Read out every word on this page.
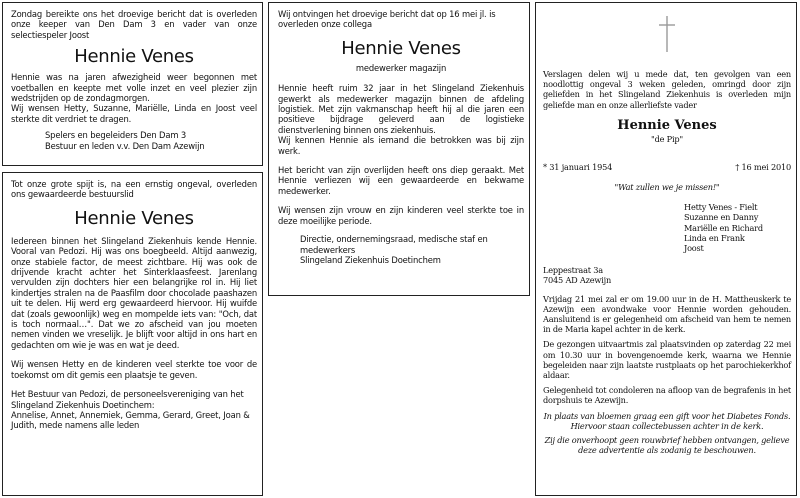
Zondag bereikte ons het droevige bericht dat is overleden onze keeper van Den Dam 3 en vader van onze selectiespeler Joost

Hennie Venes

Hennie was na jaren afwezigheid weer begonnen met voetballen en keepte met volle inzet en veel plezier zijn wedstrijden op de zondagmorgen.
Wij wensen Hetty, Suzanne, Mariëlle, Linda en Joost veel sterkte dit verdriet te dragen.

Spelers en begeleiders Den Dam 3
Bestuur en leden v.v. Den Dam Azewijn

Tot onze grote spijt is, na een ernstig ongeval, overleden ons gewaardeerde bestuurslid

Hennie Venes

Iedereen binnen het Slingeland Ziekenhuis kende Hennie. Vooral van Pedozi. Hij was ons boegbeeld. Altijd aanwezig, onze stabiele factor, de meest zichtbare. Hij was ook de drijvende kracht achter het Sinterklaasfeest. Jarenlang vervulden zijn dochters hier een belangrijke rol in. Hij liet kindertjes stralen na de Paasfilm door chocolade paashazen uit te delen. Hij werd erg gewaardeerd hiervoor. Hij wuifde dat (zoals gewoonlijk) weg en mompelde iets van: "Och, dat is toch normaal…". Dat we zo afscheid van jou moeten nemen vinden we vreselijk. Je blijft voor altijd in ons hart en gedachten om wie je was en wat je deed.

Wij wensen Hetty en de kinderen veel sterkte toe voor de toekomst om dit gemis een plaatsje te geven.

Het Bestuur van Pedozi, de personeelsvereniging van het Slingeland Ziekenhuis Doetinchem:
Annelise, Annet, Annemiek, Gemma, Gerard, Greet, Joan & Judith, mede namens alle leden

Wij ontvingen het droevige bericht dat op 16 mei jl. is overleden onze collega

Hennie Venes

medewerker magazijn

Hennie heeft ruim 32 jaar in het Slingeland Ziekenhuis gewerkt als medewerker magazijn binnen de afdeling logistiek. Met zijn vakmanschap heeft hij al die jaren een positieve bijdrage geleverd aan de logistieke dienstverlening binnen ons ziekenhuis.
Wij kennen Hennie als iemand die betrokken was bij zijn werk.

Het bericht van zijn overlijden heeft ons diep geraakt. Met Hennie verliezen wij een gewaardeerde en bekwame medewerker.

Wij wensen zijn vrouw en zijn kinderen veel sterkte toe in deze moeilijke periode.

Directie, ondernemingsraad, medische staf en medewerkers
Slingeland Ziekenhuis Doetinchem

Verslagen delen wij u mede dat, ten gevolgen van een noodlottig ongeval 3 weken geleden, omringd door zijn geliefden in het Slingeland Ziekenhuis is overleden mijn geliefde man en onze allerliefste vader

Hennie Venes

"de Pip"

* 31 januari 1954	† 16 mei 2010

"Wat zullen we je missen!"

Hetty Venes - Fielt
Suzanne en Danny
Mariëlle en Richard
Linda en Frank
Joost

Leppestraat 3a
7045 AD Azewijn

Vrijdag 21 mei zal er om 19.00 uur in de H. Mattheuskerk te Azewijn een avondwake voor Hennie worden gehouden. Aansluitend is er gelegenheid om afscheid van hem te nemen in de Maria kapel achter in de kerk.

De gezongen uitvaartmis zal plaatsvinden op zaterdag 22 mei om 10.30 uur in bovengenoemde kerk, waarna we Hennie begeleiden naar zijn laatste rustplaats op het parochiekerkhof aldaar.

Gelegenheid tot condoleren na afloop van de begrafenis in het dorpshuis te Azewijn.

In plaats van bloemen graag een gift voor het Diabetes Fonds. Hiervoor staan collectebussen achter in de kerk.

Zij die onverhoopt geen rouwbrief hebben ontvangen, gelieve deze advertentie als zodanig te beschouwen.
